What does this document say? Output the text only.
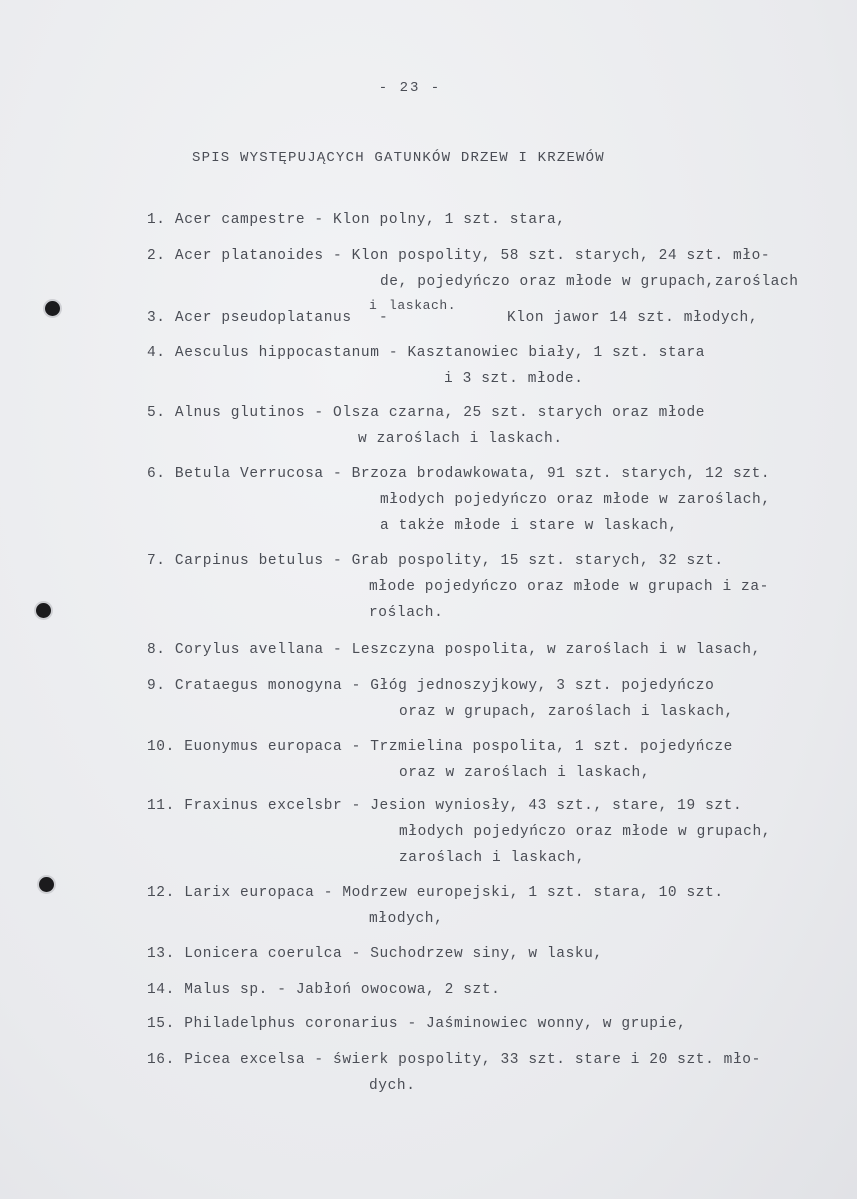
- 23 -
SPIS WYSTĘPUJĄCYCH GATUNKÓW DRZEW I KRZEWÓW
1. Acer campestre - Klon polny, 1 szt. stara,
2. Acer platanoides - Klon pospolity, 58 szt. starych, 24 szt. mło-
de, pojedyńczo oraz młode w grupach,zaroślach
3. Acer pseudoplatanus
i
-
laskach.
Klon jawor 14 szt. młodych,
4. Aesculus hippocastanum - Kasztanowiec biały, 1 szt. stara
i 3 szt. młode.
5. Alnus glutinos - Olsza czarna, 25 szt. starych oraz młode
w zaroślach i laskach.
6. Betula Verrucosa - Brzoza brodawkowata, 91 szt. starych, 12 szt.
młodych pojedyńczo oraz młode w zaroślach,
a także młode i stare w laskach,
7. Carpinus betulus - Grab pospolity, 15 szt. starych, 32 szt.
młode pojedyńczo oraz młode w grupach i za-
roślach.
8. Corylus avellana - Leszczyna pospolita, w zaroślach i w lasach,
9. Crataegus monogyna - Głóg jednoszyjkowy, 3 szt. pojedyńczo
oraz w grupach, zaroślach i laskach,
10. Euonymus europaca - Trzmielina pospolita, 1 szt. pojedyńcze
oraz w zaroślach i laskach,
11. Fraxinus excelsbr - Jesion wyniosły, 43 szt., stare, 19 szt.
młodych pojedyńczo oraz młode w grupach,
zaroślach i laskach,
12. Larix europaca - Modrzew europejski, 1 szt. stara, 10 szt.
młodych,
13. Lonicera coerulca - Suchodrzew siny, w lasku,
14. Malus sp. - Jabłoń owocowa, 2 szt.
15. Philadelphus coronarius - Jaśminowiec wonny, w grupie,
16. Picea excelsa - świerk pospolity, 33 szt. stare i 20 szt. mło-
dych.
